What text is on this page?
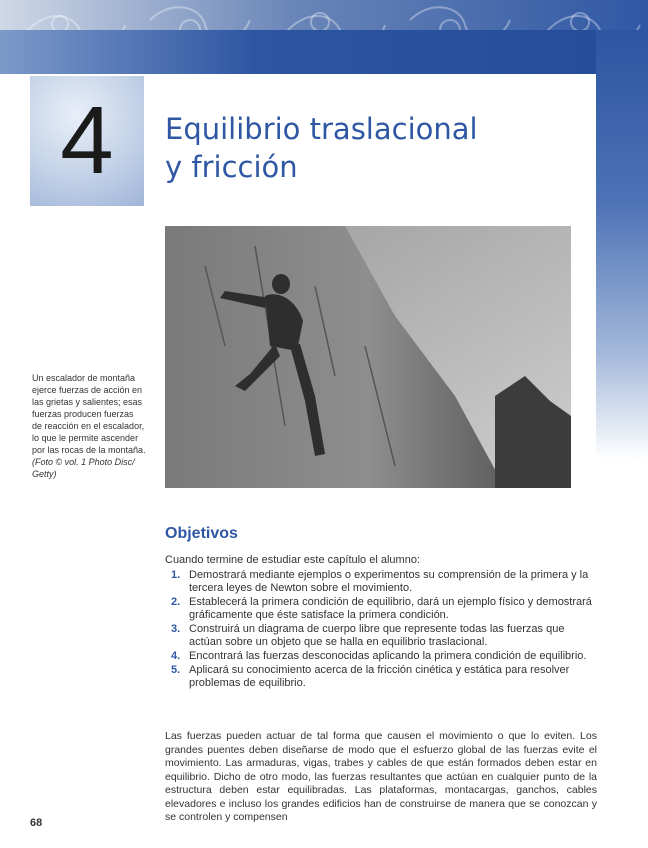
4	Equilibrio traslacional
y fricción
Un escalador de montaña ejerce fuerzas de acción en las grietas y salientes; esas fuerzas producen fuerzas de reacción en el escalador, lo que le permite ascender por las rocas de la montaña. (Foto © vol. 1 Photo Disc/ Getty)
Objetivos
Cuando termine de estudiar este capítulo el alumno:
1. Demostrará mediante ejemplos o experimentos su comprensión de la primera y la tercera leyes de Newton sobre el movimiento.
2. Establecerá la primera condición de equilibrio, dará un ejemplo físico y demostrará gráficamente que éste satisface la primera condición.
3. Construirá un diagrama de cuerpo libre que represente todas las fuerzas que actúan sobre un objeto que se halla en equilibrio traslacional.
4. Encontrará las fuerzas desconocidas aplicando la primera condición de equilibrio.
5. Aplicará su conocimiento acerca de la fricción cinética y estática para resolver problemas de equilibrio.
Las fuerzas pueden actuar de tal forma que causen el movimiento o que lo eviten. Los grandes puentes deben diseñarse de modo que el esfuerzo global de las fuerzas evite el movimiento. Las armaduras, vigas, trabes y cables de que están formados deben estar en equilibrio. Dicho de otro modo, las fuerzas resultantes que actúan en cualquier punto de la estructura deben estar equilibradas. Las plataformas, montacargas, ganchos, cables elevadores e incluso los grandes edificios han de construirse de manera que se conozcan y se controlen y compensen
68
